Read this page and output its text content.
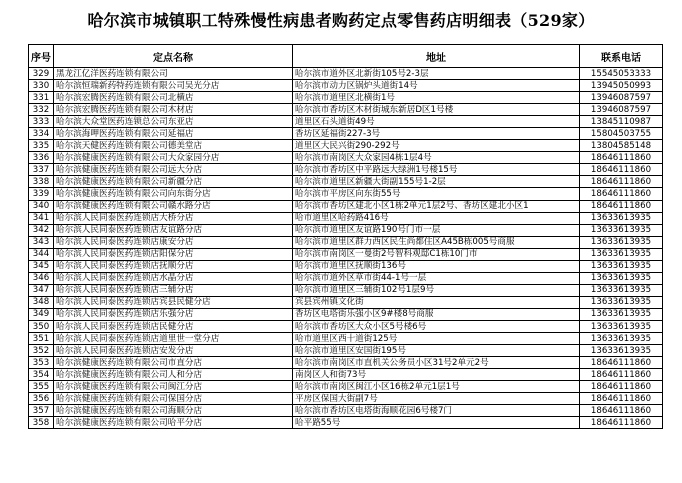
哈尔滨市城镇职工特殊慢性病患者购药定点零售药店明细表（529家）
序号	定点名称	地址	联系电话
329	黑龙江亿洋医药连锁有限公司	哈尔滨市道外区北新街105号2-3层	15545053333
330	哈尔滨恒瑞新药特药连锁有限公司吴光分店	哈尔滨市动力区锅炉头道街14号	13945050993
331	哈尔滨宏腾医药连锁有限公司北横店	哈尔滨市道里区北横街1号	13946087597
332	哈尔滨宏腾医药连锁有限公司木材店	哈尔滨市香坊区木材街城东新居D区1号楼	13946087597
333	哈尔滨大众堂医药连锁总公司东亚店	道里区石头道街49号	13845110987
334	哈尔滨海呷医药连锁有限公司延福店	香坊区延福街227-3号	15804503755
335	哈尔滨天健医药连锁有限公司德美堂店	道里区大民兴街290-292号	13804585148
336	哈尔滨健康医药连锁有限公司大众家园分店	哈尔滨市南岗区大众家园4栋1层4号	18646111860
337	哈尔滨健康医药连锁有限公司远大分店	哈尔滨市香坊区中平路远大绿洲1号楼15号	18646111860
338	哈尔滨健康医药连锁有限公司新疆分店	哈尔滨市道里区新疆大街副155号1-2层	18646111860
339	哈尔滨健康医药连锁有限公司向东街分店	哈尔滨市平房区向东街55号	18646111860
340	哈尔滨健康医药连锁有限公司赣水路分店	哈尔滨市香坊区建北小区1栋2单元1层2号、香坊区建北小区1	18646111860
341	哈尔滨人民同泰医药连锁店大桥分店	哈市道里区哈药路416号	13633613935
342	哈尔滨人民同泰医药连锁店友谊路分店	哈尔滨市道里区友谊路190号门市一层	13633613935
343	哈尔滨人民同泰医药连锁店康安分店	哈尔滨市道里区群力西区民生尚都住区A45B栋005号商服	13633613935
344	哈尔滨人民同泰医药连锁店阳保分店	哈尔滨市南岗区一曼街2号智科观邸C1栋10门市	13633613935
345	哈尔滨人民同泰医药连锁店抚顺分店	哈尔滨市道里区抚顺街136号	13633613935
346	哈尔滨人民同泰医药连锁店水晶分店	哈尔滨市道外区草市街44-1号一层	13633613935
347	哈尔滨人民同泰医药连锁店三辅分店	哈尔滨市道里区三辅街102号1层9号	13633613935
348	哈尔滨人民同泰医药连锁店宾县民健分店	宾县宾州镇文化街	13633613935
349	哈尔滨人民同泰医药连锁店乐强分店	香坊区电塔街乐强小区9#楼8号商服	13633613935
350	哈尔滨人民同泰医药连锁店民健分店	哈尔滨市香坊区大众小区5号楼6号	13633613935
351	哈尔滨人民同泰医药连锁店道里世一堂分店	哈市道里区西十道街125号	13633613935
352	哈尔滨人民同泰医药连锁店安发分店	哈尔滨市道里区安国街195号	13633613935
353	哈尔滨健康医药连锁有限公司市直分店	哈尔滨市南岗区市直机关公务员小区31号2单元2号	18646111860
354	哈尔滨健康医药连锁有限公司人和分店	南岗区人和街73号	18646111860
355	哈尔滨健康医药连锁有限公司闽江分店	哈尔滨市南岗区闽江小区16栋2单元1层1号	18646111860
356	哈尔滨健康医药连锁有限公司保国分店	平房区保国大街副7号	18646111860
357	哈尔滨健康医药连锁有限公司海顺分店	哈尔滨市香坊区电塔街海顺花园6号楼7门	18646111860
358	哈尔滨健康医药连锁有限公司哈平分店	哈平路55号	18646111860
